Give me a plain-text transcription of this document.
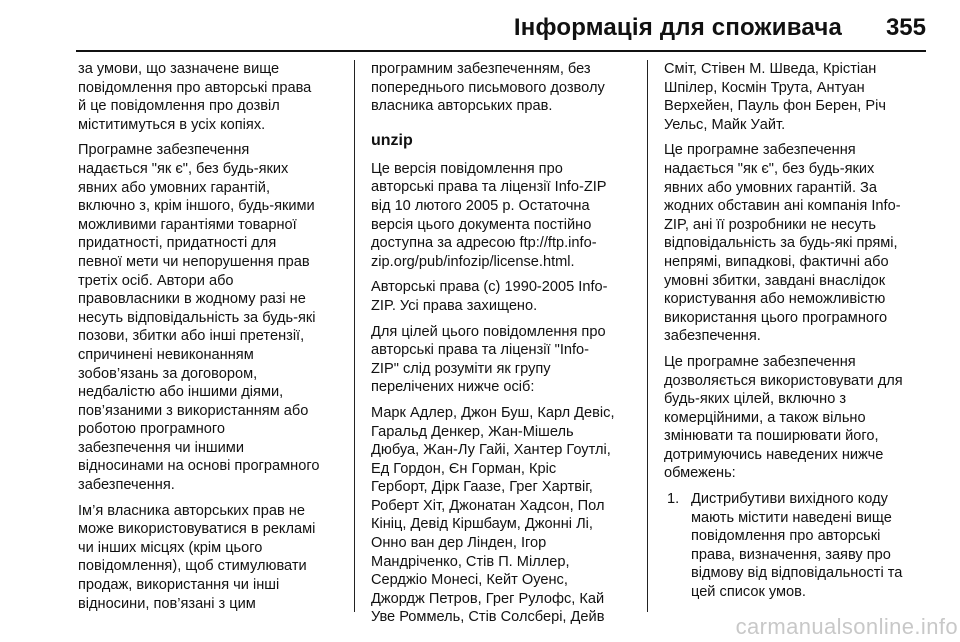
Інформація для споживача 355

за умови, що зазначене вище
повідомлення про авторські права
й це повідомлення про дозвіл
міститимуться в усіх копіях.

Програмне забезпечення
надається "як є", без будь-яких
явних або умовних гарантій,
включно з, крім іншого, будь-якими
можливими гарантіями товарної
придатності, придатності для
певної мети чи непорушення прав
третіх осіб. Автори або
правовласники в жодному разі не
несуть відповідальність за будь-які
позови, збитки або інші претензії,
спричинені невиконанням
зобов’язань за договором,
недбалістю або іншими діями,
пов’язаними з використанням або
роботою програмного
забезпечення чи іншими
відносинами на основі програмного
забезпечення.

Ім’я власника авторських прав не
може використовуватися в рекламі
чи інших місцях (крім цього
повідомлення), щоб стимулювати
продаж, використання чи інші
відносини, пов’язані з цим

програмним забезпеченням, без
попереднього письмового дозволу
власника авторських прав.

unzip

Це версія повідомлення про
авторські права та ліцензії Info-ZIP
від 10 лютого 2005 р. Остаточна
версія цього документа постійно
доступна за адресою ftp://ftp.info-
zip.org/pub/infozip/license.html.

Авторські права (c) 1990-2005 Info-
ZIP. Усі права захищено.

Для цілей цього повідомлення про
авторські права та ліцензії "Info-
ZIP" слід розуміти як групу
перелічених нижче осіб:

Марк Адлер, Джон Буш, Карл Девіс,
Гаральд Денкер, Жан-Мішель
Дюбуа, Жан-Лу Гайі, Хантер Гоутлі,
Ед Гордон, Єн Горман, Кріс
Герборт, Дірк Гаазе, Грег Хартвіг,
Роберт Хіт, Джонатан Хадсон, Пол
Кініц, Девід Кіршбаум, Джонні Лі,
Онно ван дер Лінден, Ігор
Мандріченко, Стів П. Міллер,
Серджіо Монесі, Кейт Оуенс,
Джордж Петров, Грег Рулофс, Кай
Уве Роммель, Стів Солсбері, Дейв

Сміт, Стівен М. Шведа, Крістіан
Шпілер, Космін Трута, Антуан
Верхейен, Пауль фон Берен, Річ
Уельс, Майк Уайт.

Це програмне забезпечення
надається "як є", без будь-яких
явних або умовних гарантій. За
жодних обставин ані компанія Info-
ZIP, ані її розробники не несуть
відповідальність за будь-які прямі,
непрямі, випадкові, фактичні або
умовні збитки, завдані внаслідок
користування або неможливістю
використання цього програмного
забезпечення.

Це програмне забезпечення
дозволяється використовувати для
будь-яких цілей, включно з
комерційними, а також вільно
змінювати та поширювати його,
дотримуючись наведених нижче
обмежень:

1. Дистрибутиви вихідного коду
мають містити наведені вище
повідомлення про авторські
права, визначення, заяву про
відмову від відповідальності та
цей список умов.
carmanualsonline.info
